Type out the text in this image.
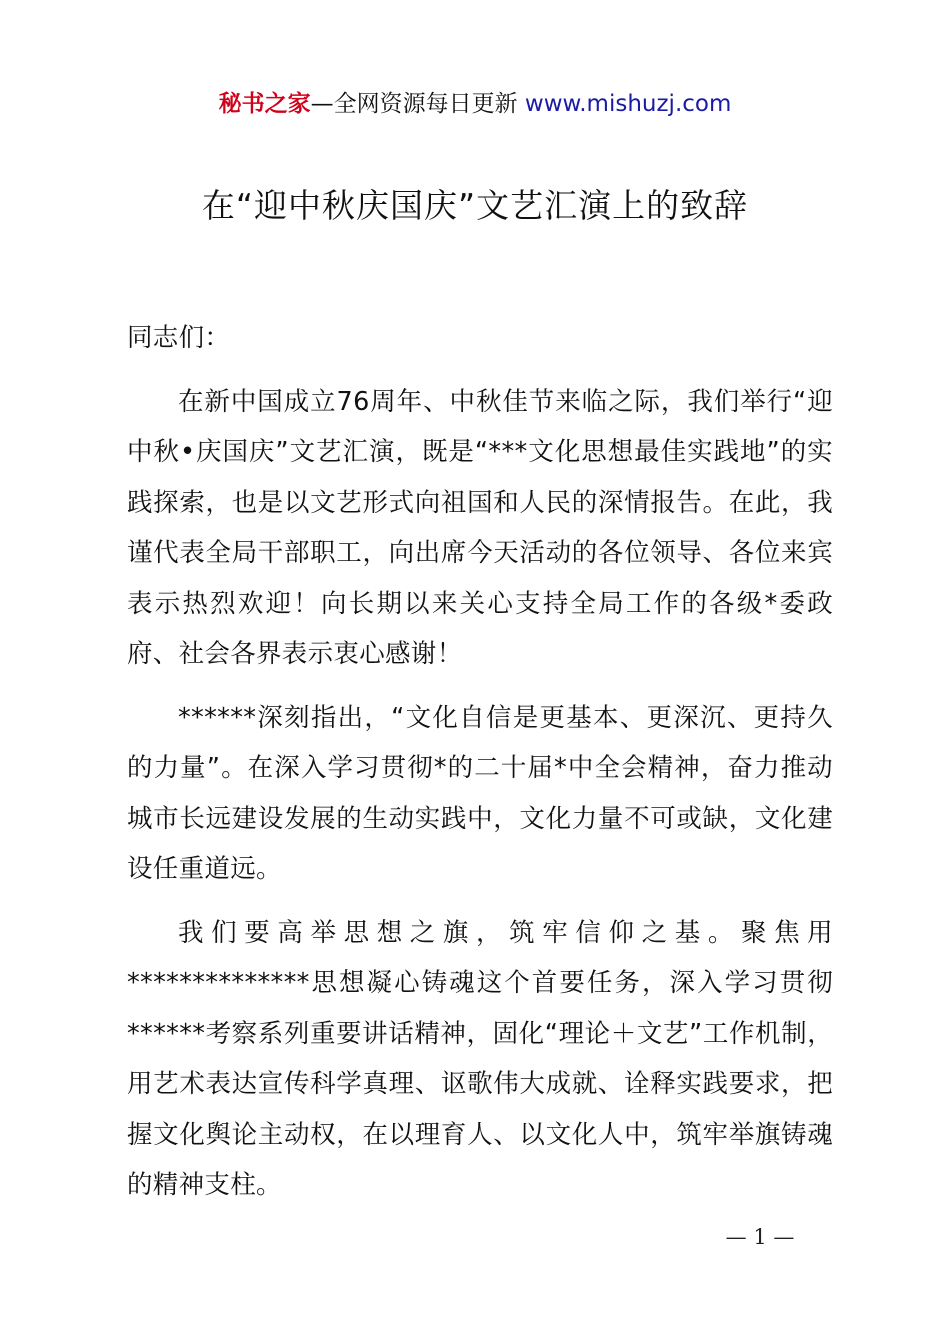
秘书之家—全网资源每日更新 www.mishuzj.com
在“迎中秋庆国庆”文艺汇演上的致辞

同志们：

在新中国成立76周年、中秋佳节来临之际，我们举行“迎中秋•庆国庆”文艺汇演，既是“***文化思想最佳实践地”的实践探索，也是以文艺形式向祖国和人民的深情报告。在此，我谨代表全局干部职工，向出席今天活动的各位领导、各位来宾表示热烈欢迎！向长期以来关心支持全局工作的各级*委政府、社会各界表示衷心感谢！

******深刻指出，“文化自信是更基本、更深沉、更持久的力量”。在深入学习贯彻*的二十届*中全会精神，奋力推动城市长远建设发展的生动实践中，文化力量不可或缺，文化建设任重道远。

我们要高举思想之旗，筑牢信仰之基。聚焦用**************思想凝心铸魂这个首要任务，深入学习贯彻******考察系列重要讲话精神，固化“理论＋文艺”工作机制，用艺术表达宣传科学真理、讴歌伟大成就、诠释实践要求，把握文化舆论主动权，在以理育人、以文化人中，筑牢举旗铸魂的精神支柱。

— 1 —
